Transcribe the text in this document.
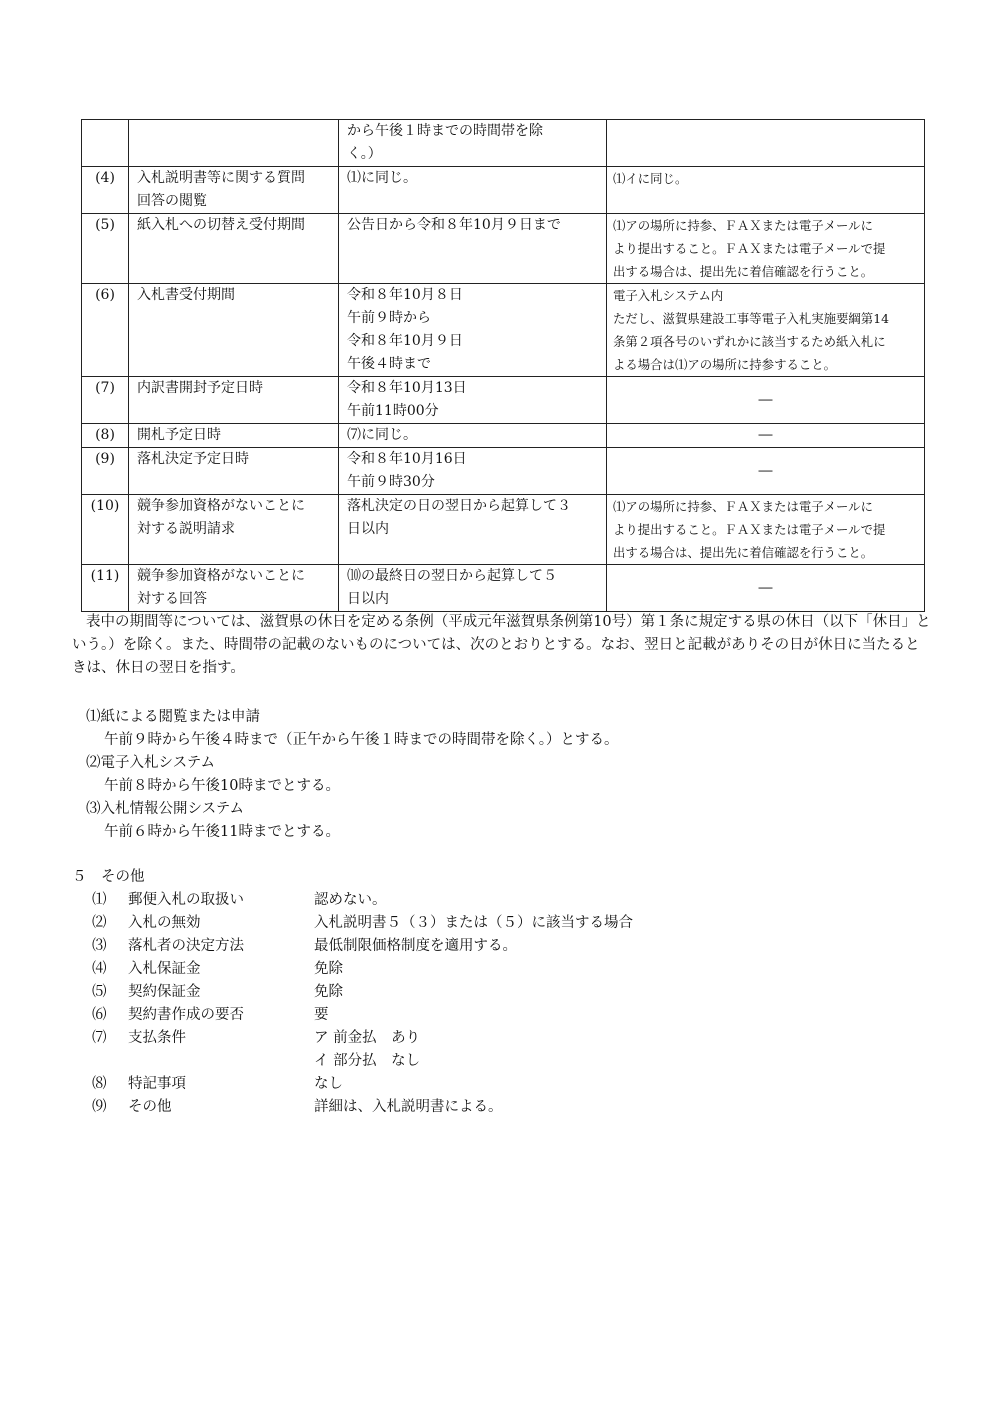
		から午後１時までの時間帯を除
く。）	

(4)	入札説明書等に関する質問
回答の閲覧	⑴に同じ。	⑴イに同じ。

(5)	紙入札への切替え受付期間	公告日から令和８年10月９日まで	⑴アの場所に持参、ＦＡＸまたは電子メールに
より提出すること。ＦＡＸまたは電子メールで提
出する場合は、提出先に着信確認を行うこと。

(6)	入札書受付期間	令和８年10月８日
午前９時から
令和８年10月９日
午後４時まで	電子入札システム内
ただし、滋賀県建設工事等電子入札実施要綱第14
条第２項各号のいずれかに該当するため紙入札に
よる場合は⑴アの場所に持参すること。

(7)	内訳書開封予定日時	令和８年10月13日
午前11時00分	―

(8)	開札予定日時	⑺に同じ。	―

(9)	落札決定予定日時	令和８年10月16日
午前９時30分	―

(10)	競争参加資格がないことに
対する説明請求	落札決定の日の翌日から起算して３
日以内	⑴アの場所に持参、ＦＡＸまたは電子メールに
より提出すること。ＦＡＸまたは電子メールで提
出する場合は、提出先に着信確認を行うこと。

(11)	競争参加資格がないことに
対する回答	⑽の最終日の翌日から起算して５
日以内	―
表中の期間等については、滋賀県の休日を定める条例（平成元年滋賀県条例第10号）第１条に規定する県の休日（以下「休日」という。）を除く。また、時間帯の記載のないものについては、次のとおりとする。なお、翌日と記載がありその日が休日に当たるときは、休日の翌日を指す。
⑴紙による閲覧または申請
午前９時から午後４時まで（正午から午後１時までの時間帯を除く。）とする。
⑵電子入札システム
午前８時から午後10時までとする。
⑶入札情報公開システム
午前６時から午後11時までとする。
５　その他
⑴	郵便入札の取扱い	認めない。
⑵	入札の無効	入札説明書５（３）または（５）に該当する場合
⑶	落札者の決定方法	最低制限価格制度を適用する。
⑷	入札保証金	免除
⑸	契約保証金	免除
⑹	契約書作成の要否	要
⑺	支払条件	ア 前金払　あり
イ 部分払　なし
⑻	特記事項	なし
⑼	その他	詳細は、入札説明書による。
